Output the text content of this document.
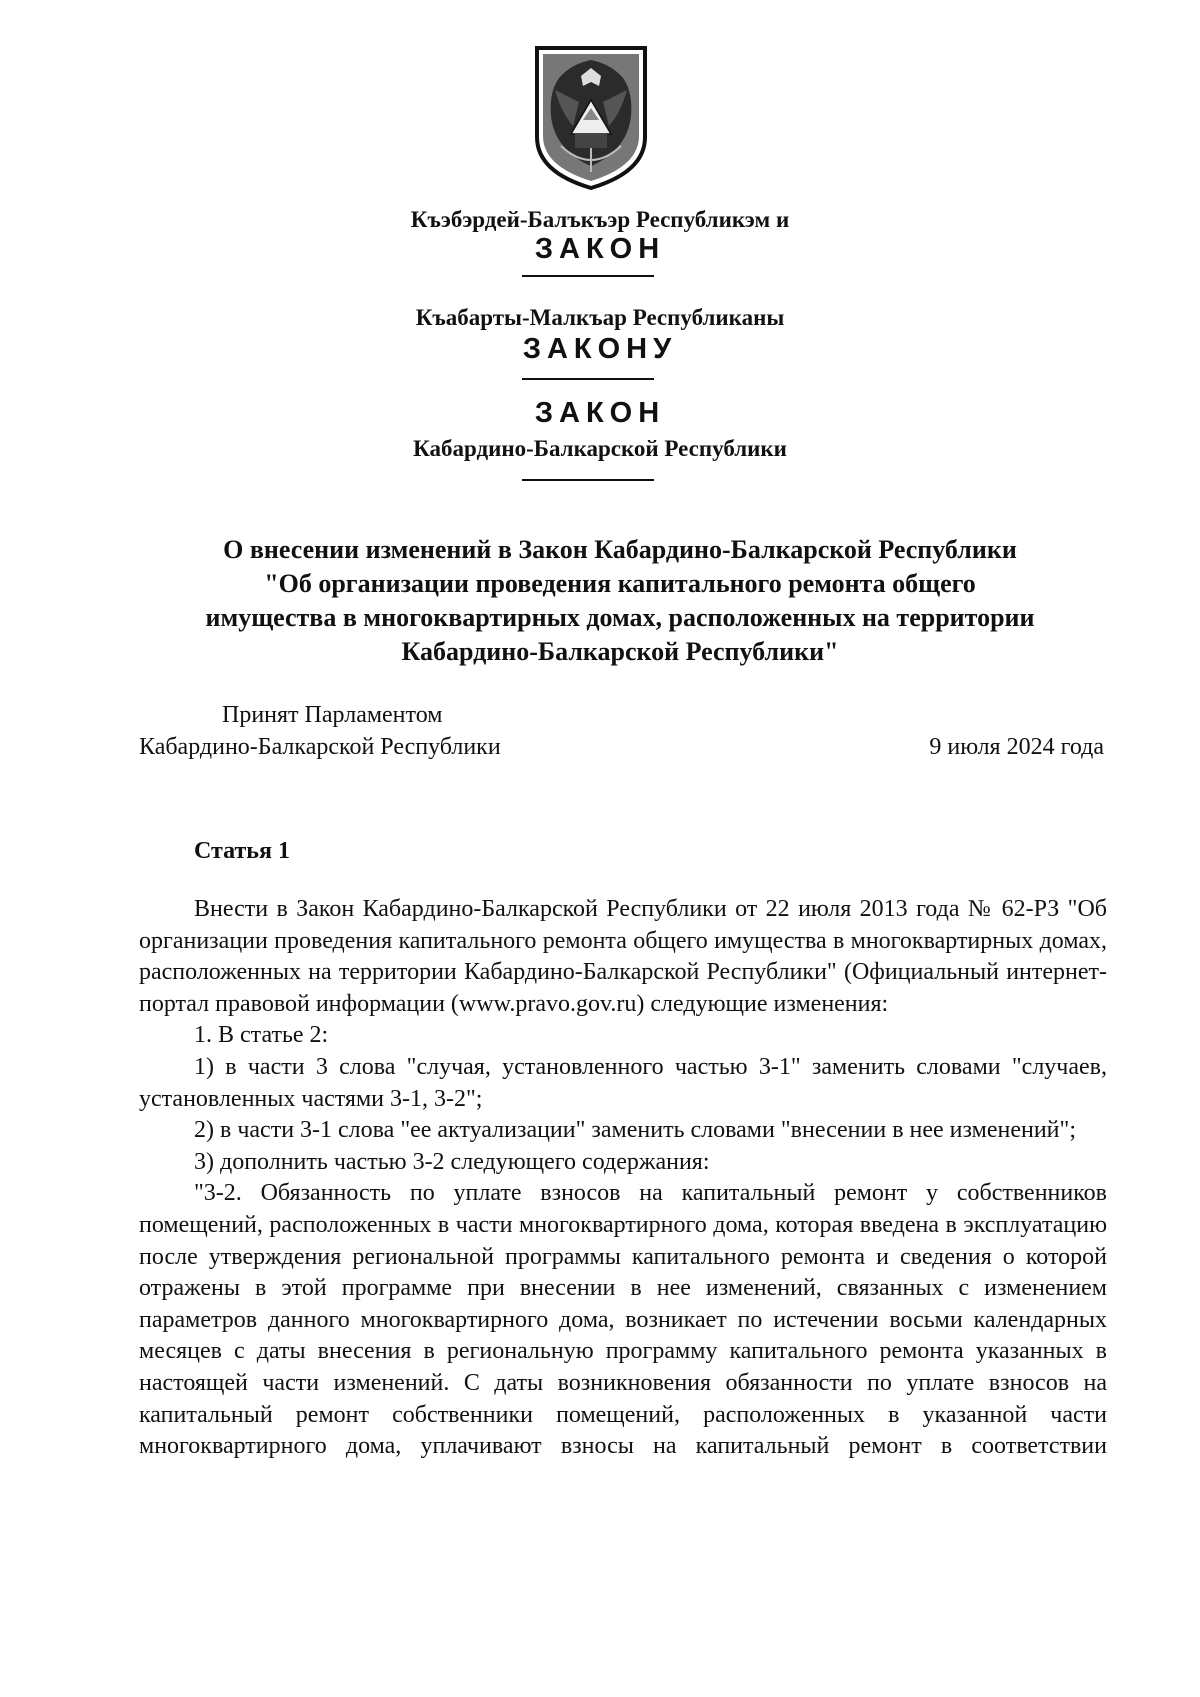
Къэбэрдей-Балъкъэр Республикэм и
ЗАКОН
Къабарты-Малкъар Республиканы
ЗАКОНУ
ЗАКОН
Кабардино-Балкарской Республики
О внесении изменений в Закон Кабардино-Балкарской Республики
"Об организации проведения капитального ремонта общего
имущества в многоквартирных домах, расположенных на территории
Кабардино-Балкарской Республики"
Принят Парламентом
Кабардино-Балкарской Республики	9 июля 2024 года
Статья 1

Внести в Закон Кабардино-Балкарской Республики от 22 июля 2013 года № 62-РЗ "Об организации проведения капитального ремонта общего имущества в многоквартирных домах, расположенных на территории Кабардино-Балкарской Республики" (Официальный интернет-портал правовой информации (www.pravo.gov.ru) следующие изменения:

1. В статье 2:

1) в части 3 слова "случая, установленного частью 3-1" заменить словами "случаев, установленных частями 3-1, 3-2";

2) в части 3-1 слова "ее актуализации" заменить словами "внесении в нее изменений";

3) дополнить частью 3-2 следующего содержания:

"3-2. Обязанность по уплате взносов на капитальный ремонт у собственников помещений, расположенных в части многоквартирного дома, которая введена в эксплуатацию после утверждения региональной программы капитального ремонта и сведения о которой отражены в этой программе при внесении в нее изменений, связанных с изменением параметров данного многоквартирного дома, возникает по истечении восьми календарных месяцев с даты внесения в региональную программу капитального ремонта указанных в настоящей части изменений. С даты возникновения обязанности по уплате взносов на капитальный ремонт собственники помещений, расположенных в указанной части многоквартирного дома, уплачивают взносы на капитальный ремонт в соответствии
